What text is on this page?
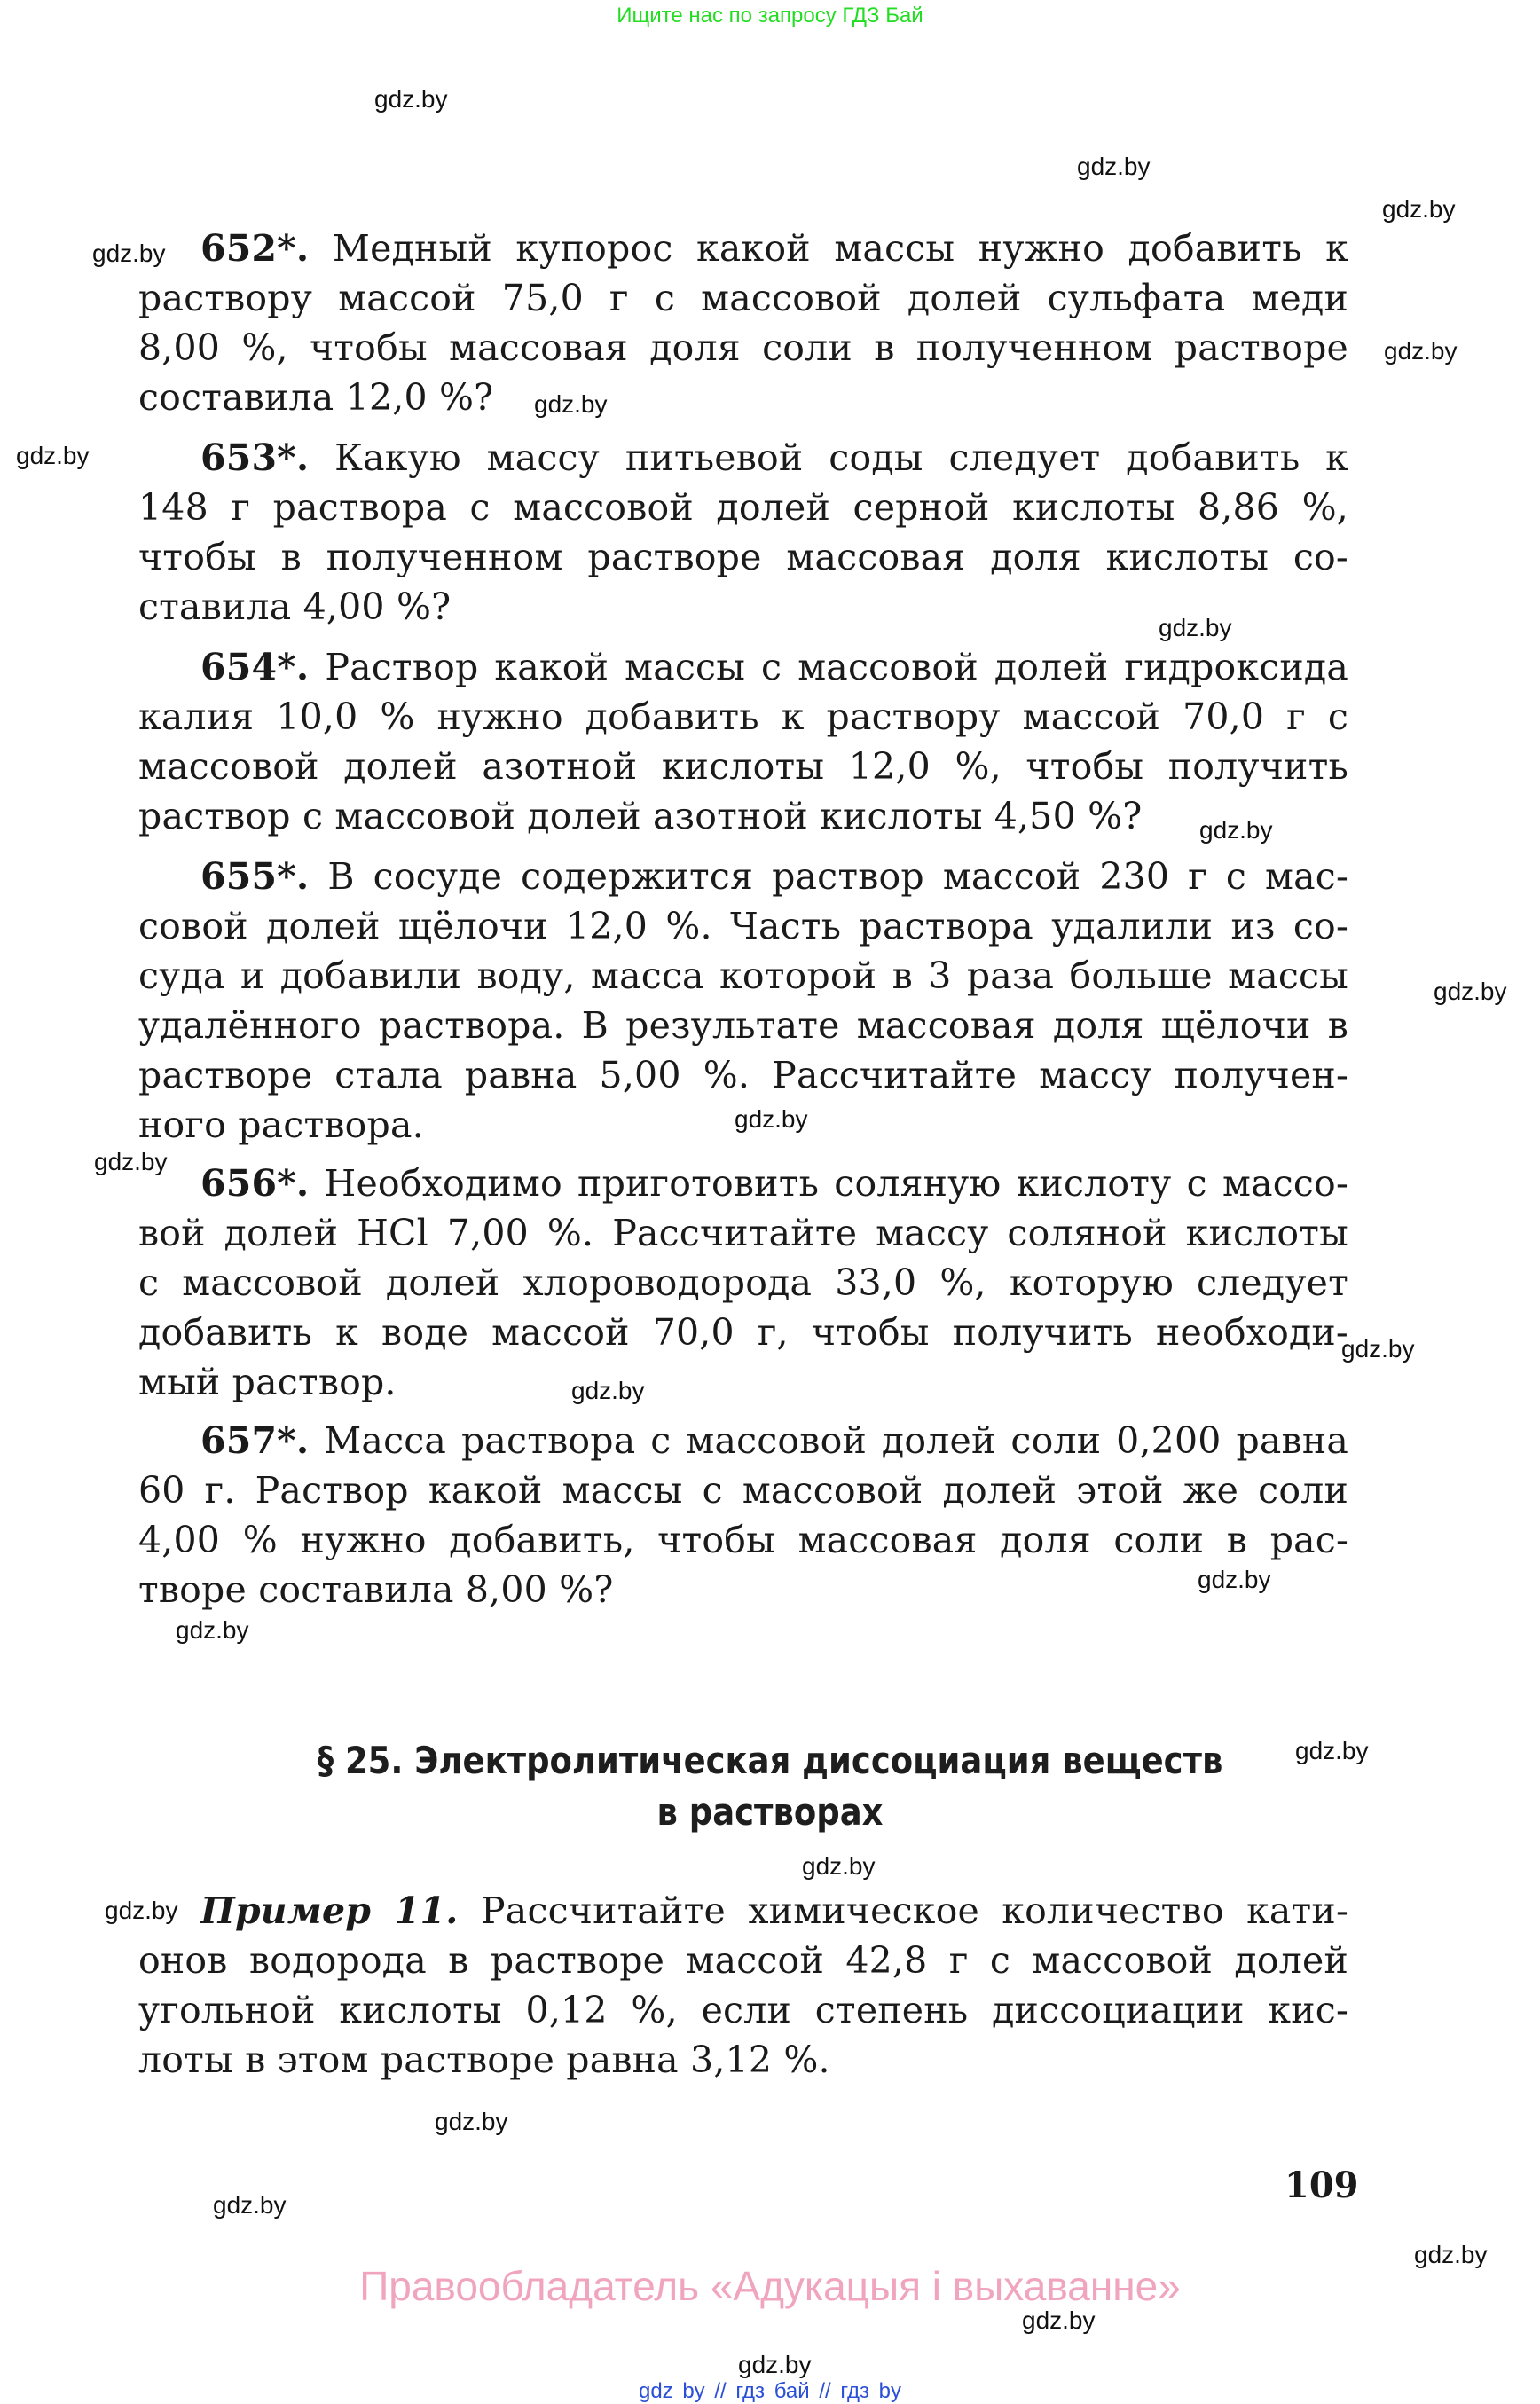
Ищите нас по запросу ГДЗ Бай
652*. Медный купорос какой массы нужно добавить к
раствору массой 75,0 г с массовой долей сульфата меди
8,00 %, чтобы массовая доля соли в полученном растворе
составила 12,0 %?
653*. Какую массу питьевой соды следует добавить к
148 г раствора с массовой долей серной кислоты 8,86 %,
чтобы в полученном растворе массовая доля кислоты со-
ставила 4,00 %?
654*. Раствор какой массы с массовой долей гидроксида
калия 10,0 % нужно добавить к раствору массой 70,0 г с
массовой долей азотной кислоты 12,0 %, чтобы получить
раствор с массовой долей азотной кислоты 4,50 %?
655*. В сосуде содержится раствор массой 230 г с мас-
совой долей щёлочи 12,0 %. Часть раствора удалили из со-
суда и добавили воду, масса которой в 3 раза больше массы
удалённого раствора. В результате массовая доля щёлочи в
растворе стала равна 5,00 %. Рассчитайте массу получен-
ного раствора.
656*. Необходимо приготовить соляную кислоту с массо-
вой долей HCl 7,00 %. Рассчитайте массу соляной кислоты
с массовой долей хлороводорода 33,0 %, которую следует
добавить к воде массой 70,0 г, чтобы получить необходи-
мый раствор.
657*. Масса раствора с массовой долей соли 0,200 равна
60 г. Раствор какой массы с массовой долей этой же соли
4,00 % нужно добавить, чтобы массовая доля соли в рас-
творе составила 8,00 %?
§ 25. Электролитическая диссоциация веществ
в растворах
Пример 11. Рассчитайте химическое количество кати-
онов водорода в растворе массой 42,8 г с массовой долей
угольной кислоты 0,12 %, если степень диссоциации кис-
лоты в этом растворе равна 3,12 %.
109
Правообладатель «Адукацыя і выхаванне»
gdz by // гдз бай // гдз by
gdz.by
gdz.by
gdz.by
gdz.by
gdz.by
gdz.by
gdz.by
gdz.by
gdz.by
gdz.by
gdz.by
gdz.by
gdz.by
gdz.by
gdz.by
gdz.by
gdz.by
gdz.by
gdz.by
gdz.by
gdz.by
gdz.by
gdz.by
gdz.by
